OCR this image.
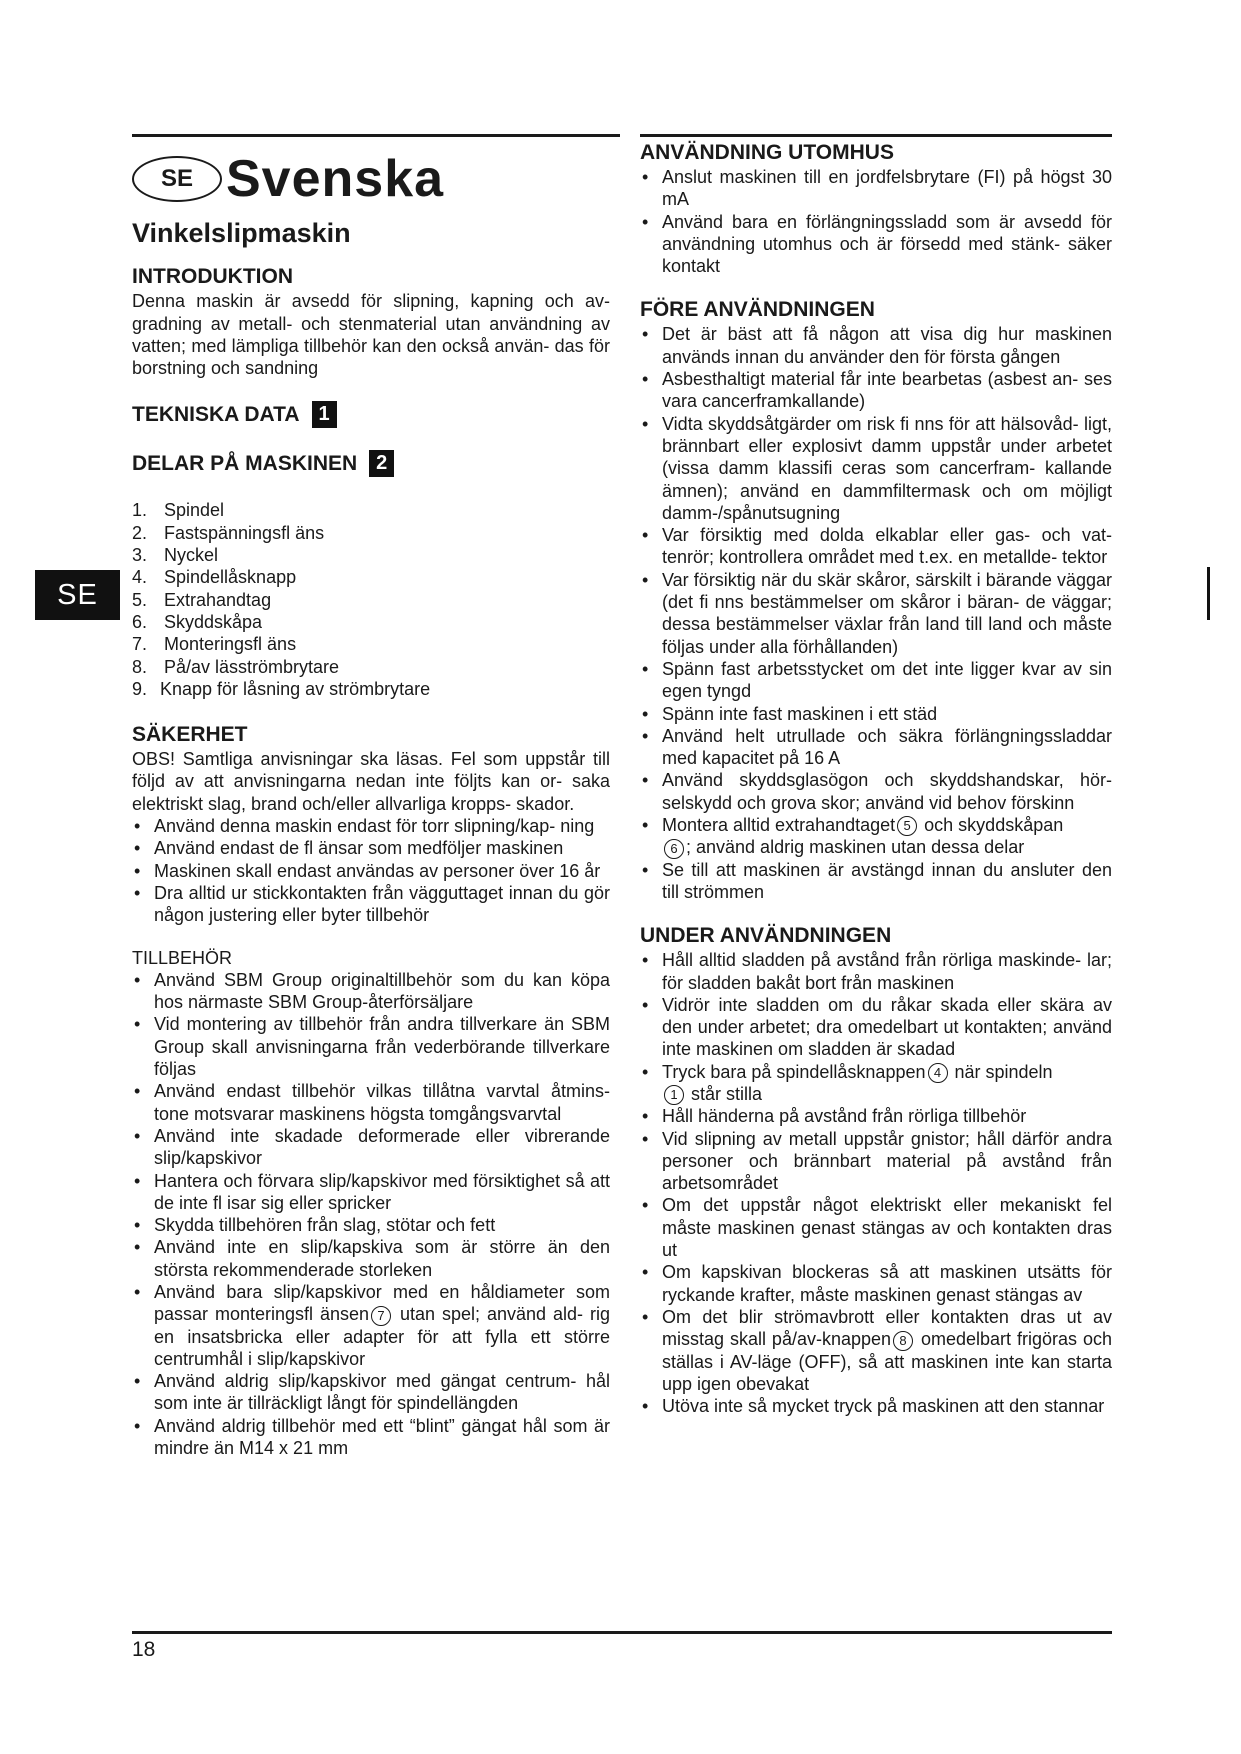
SE
SE Svenska
Vinkelslipmaskin
INTRODUKTION

Denna maskin är avsedd för slipning, kapning och av- gradning av metall- och stenmaterial utan användning av vatten; med lämpliga tillbehör kan den också använ- das för borstning och sandning

TEKNISKA DATA 1
DELAR PÅ MASKINEN 2
1. Spindel
2. Fastspänningsfl äns
3. Nyckel
4. Spindellåsknapp
5. Extrahandtag
6. Skyddskåpa
7. Monteringsfl äns
8. På/av läsströmbrytare
9. Knapp för låsning av strömbrytare
SÄKERHET

OBS! Samtliga anvisningar ska läsas. Fel som uppstår till följd av att anvisningarna nedan inte följts kan or- saka elektriskt slag, brand och/eller allvarliga kropps- skador.

• Använd denna maskin endast för torr slipning/kap- ning
• Använd endast de fl änsar som medföljer maskinen
• Maskinen skall endast användas av personer över 16 år
• Dra alltid ur stickkontakten från vägguttaget innan du gör någon justering eller byter tillbehör

TILLBEHÖR

• Använd SBM Group originaltillbehör som du kan köpa hos närmaste SBM Group-återförsäljare
• Vid montering av tillbehör från andra tillverkare än SBM Group skall anvisningarna från vederbörande tillverkare följas
• Använd endast tillbehör vilkas tillåtna varvtal åtmins- tone motsvarar maskinens högsta tomgångsvarvtal
• Använd inte skadade deformerade eller vibrerande slip/kapskivor
• Hantera och förvara slip/kapskivor med försiktighet så att de inte fl isar sig eller spricker
• Skydda tillbehören från slag, stötar och fett
• Använd inte en slip/kapskiva som är större än den största rekommenderade storleken
• Använd bara slip/kapskivor med en håldiameter som passar monteringsfl änsen 7 utan spel; använd ald- rig en insatsbricka eller adapter för att fylla ett större centrumhål i slip/kapskivor
• Använd aldrig slip/kapskivor med gängat centrum- hål som inte är tillräckligt långt för spindellängden
• Använd aldrig tillbehör med ett “blint” gängat hål som är mindre än M14 x 21 mm
ANVÄNDNING UTOMHUS
• Anslut maskinen till en jordfelsbrytare (FI) på högst 30 mA
• Använd bara en förlängningssladd som är avsedd för användning utomhus och är försedd med stänk- säker kontakt
FÖRE ANVÄNDNINGEN
• Det är bäst att få någon att visa dig hur maskinen används innan du använder den för första gången
• Asbesthaltigt material får inte bearbetas (asbest an- ses vara cancerframkallande)
• Vidta skyddsåtgärder om risk fi nns för att hälsovåd- ligt, brännbart eller explosivt damm uppstår under arbetet (vissa damm klassifi ceras som cancerfram- kallande ämnen); använd en dammfiltermask och om möjligt damm-/spånutsugning
• Var försiktig med dolda elkablar eller gas- och vat- tenrör; kontrollera området med t.ex. en metallde- tektor
• Var försiktig när du skär skåror, särskilt i bärande väggar (det fi nns bestämmelser om skåror i bäran- de väggar; dessa bestämmelser växlar från land till land och måste följas under alla förhållanden)
• Spänn fast arbetsstycket om det inte ligger kvar av sin egen tyngd
• Spänn inte fast maskinen i ett städ
• Använd helt utrullade och säkra förlängningssladdar med kapacitet på 16 A
• Använd skyddsglasögon och skyddshandskar, hör- selskydd och grova skor; använd vid behov förskinn
• Montera alltid extrahandtaget 5 och skyddskåpan
6 ; använd aldrig maskinen utan dessa delar
• Se till att maskinen är avstängd innan du ansluter den till strömmen
UNDER ANVÄNDNINGEN
• Håll alltid sladden på avstånd från rörliga maskinde- lar; för sladden bakåt bort från maskinen
• Vidrör inte sladden om du råkar skada eller skära av den under arbetet; dra omedelbart ut kontakten; använd inte maskinen om sladden är skadad
• Tryck bara på spindellåsknappen 4 när spindeln
1 står stilla
• Håll händerna på avstånd från rörliga tillbehör
• Vid slipning av metall uppstår gnistor; håll därför andra personer och brännbart material på avstånd från arbetsområdet
• Om det uppstår något elektriskt eller mekaniskt fel måste maskinen genast stängas av och kontakten dras ut
• Om kapskivan blockeras så att maskinen utsätts för ryckande krafter, måste maskinen genast stängas av
• Om det blir strömavbrott eller kontakten dras ut av misstag skall på/av-knappen 8 omedelbart frigöras och ställas i AV-läge (OFF), så att maskinen inte kan starta upp igen obevakat
• Utöva inte så mycket tryck på maskinen att den stannar
18
